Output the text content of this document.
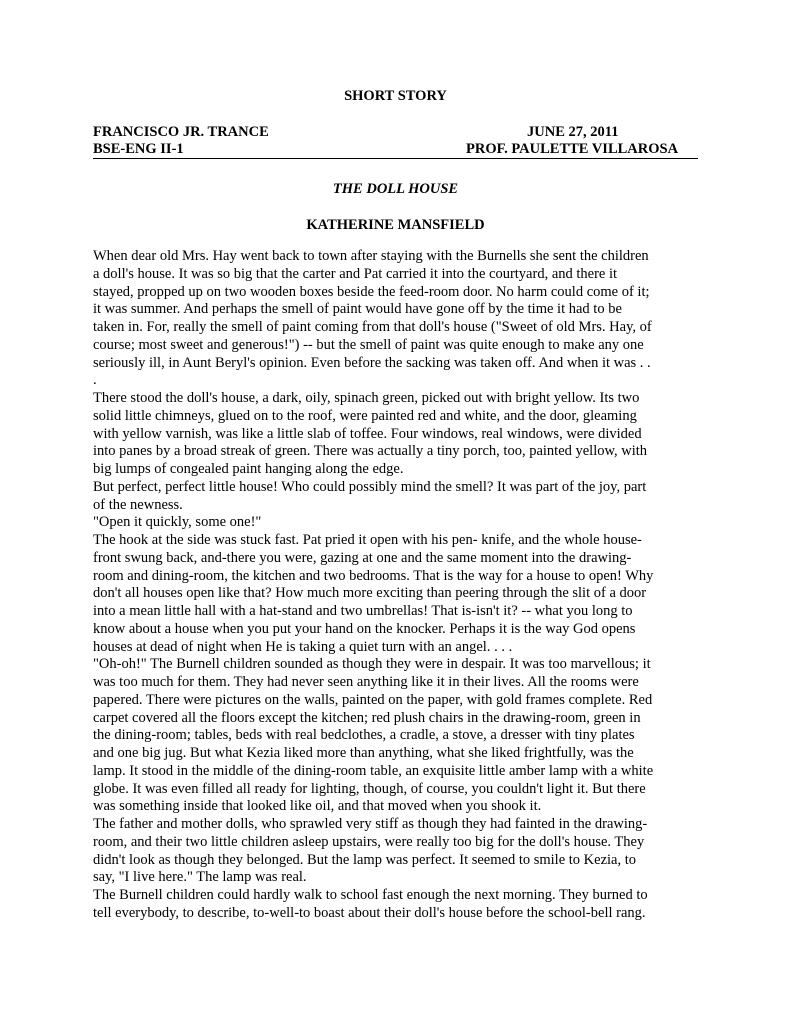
SHORT STORY
FRANCISCO JR. TRANCE	JUNE 27, 2011
BSE-ENG II-1	PROF. PAULETTE VILLAROSA
THE DOLL HOUSE
KATHERINE MANSFIELD
When dear old Mrs. Hay went back to town after staying with the Burnells she sent the children
a doll's house. It was so big that the carter and Pat carried it into the courtyard, and there it
stayed, propped up on two wooden boxes beside the feed-room door. No harm could come of it;
it was summer. And perhaps the smell of paint would have gone off by the time it had to be
taken in. For, really the smell of paint coming from that doll's house ("Sweet of old Mrs. Hay, of
course; most sweet and generous!") -- but the smell of paint was quite enough to make any one
seriously ill, in Aunt Beryl's opinion. Even before the sacking was taken off. And when it was . .
.
There stood the doll's house, a dark, oily, spinach green, picked out with bright yellow. Its two
solid little chimneys, glued on to the roof, were painted red and white, and the door, gleaming
with yellow varnish, was like a little slab of toffee. Four windows, real windows, were divided
into panes by a broad streak of green. There was actually a tiny porch, too, painted yellow, with
big lumps of congealed paint hanging along the edge.
But perfect, perfect little house! Who could possibly mind the smell? It was part of the joy, part
of the newness.
"Open it quickly, some one!"
The hook at the side was stuck fast. Pat pried it open with his pen- knife, and the whole house-
front swung back, and-there you were, gazing at one and the same moment into the drawing-
room and dining-room, the kitchen and two bedrooms. That is the way for a house to open! Why
don't all houses open like that? How much more exciting than peering through the slit of a door
into a mean little hall with a hat-stand and two umbrellas! That is-isn't it? -- what you long to
know about a house when you put your hand on the knocker. Perhaps it is the way God opens
houses at dead of night when He is taking a quiet turn with an angel. . . .
"Oh-oh!" The Burnell children sounded as though they were in despair. It was too marvellous; it
was too much for them. They had never seen anything like it in their lives. All the rooms were
papered. There were pictures on the walls, painted on the paper, with gold frames complete. Red
carpet covered all the floors except the kitchen; red plush chairs in the drawing-room, green in
the dining-room; tables, beds with real bedclothes, a cradle, a stove, a dresser with tiny plates
and one big jug. But what Kezia liked more than anything, what she liked frightfully, was the
lamp. It stood in the middle of the dining-room table, an exquisite little amber lamp with a white
globe. It was even filled all ready for lighting, though, of course, you couldn't light it. But there
was something inside that looked like oil, and that moved when you shook it.
The father and mother dolls, who sprawled very stiff as though they had fainted in the drawing-
room, and their two little children asleep upstairs, were really too big for the doll's house. They
didn't look as though they belonged. But the lamp was perfect. It seemed to smile to Kezia, to
say, "I live here." The lamp was real.
The Burnell children could hardly walk to school fast enough the next morning. They burned to
tell everybody, to describe, to-well-to boast about their doll's house before the school-bell rang.
